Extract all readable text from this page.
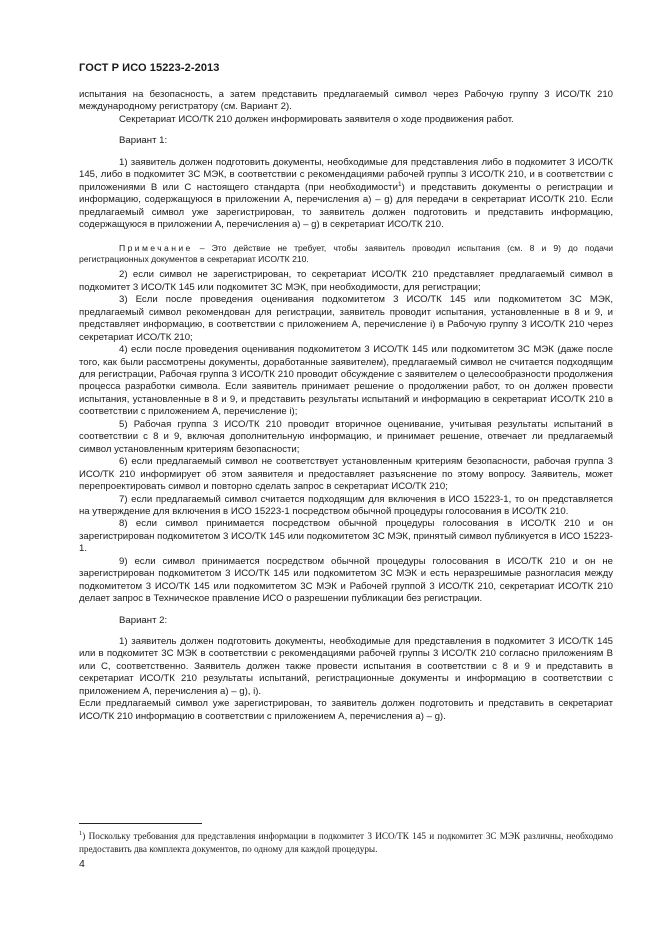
ГОСТ Р ИСО 15223-2-2013

испытания на безопасность, а затем представить предлагаемый символ через Рабочую группу 3 ИСО/ТК 210 международному регистратору (см. Вариант 2).

Секретариат ИСО/ТК 210 должен информировать заявителя о ходе продвижения работ.

Вариант 1:

1) заявитель должен подготовить документы, необходимые для представления либо в подкомитет 3 ИСО/ТК 145, либо в подкомитет 3С МЭК, в соответствии с рекомендациями рабочей группы 3 ИСО/ТК 210, и в соответствии с приложениями В или С настоящего стандарта (при необходимости$^1$) и представить документы о регистрации и информацию, содержащуюся в приложении А, перечисления a) – g) для передачи в секретариат ИСО/ТК 210. Если предлагаемый символ уже зарегистрирован, то заявитель должен подготовить и представить информацию, содержащуюся в приложении А, перечисления a) – g) в секретариат ИСО/ТК 210.

Примечание – Это действие не требует, чтобы заявитель проводил испытания (см. 8 и 9) до подачи регистрационных документов в секретариат ИСО/ТК 210.

2) если символ не зарегистрирован, то секретариат ИСО/ТК 210 представляет предлагаемый символ в подкомитет 3 ИСО/ТК 145 или подкомитет 3С МЭК, при необходимости, для регистрации;

3) Если после проведения оценивания подкомитетом 3 ИСО/ТК 145 или подкомитетом 3С МЭК, предлагаемый символ рекомендован для регистрации, заявитель проводит испытания, установленные в 8 и 9, и представляет информацию, в соответствии с приложением А, перечисление i) в Рабочую группу 3 ИСО/ТК 210 через секретариат ИСО/ТК 210;

4) если после проведения оценивания подкомитетом 3 ИСО/ТК 145 или подкомитетом 3С МЭК (даже после того, как были рассмотрены документы, доработанные заявителем), предлагаемый символ не считается подходящим для регистрации, Рабочая группа 3 ИСО/ТК 210 проводит обсуждение с заявителем о целесообразности продолжения процесса разработки символа. Если заявитель принимает решение о продолжении работ, то он должен провести испытания, установленные в 8 и 9, и представить результаты испытаний и информацию в секретариат ИСО/ТК 210 в соответствии с приложением А, перечисление i);

5) Рабочая группа 3 ИСО/ТК 210 проводит вторичное оценивание, учитывая результаты испытаний в соответствии с 8 и 9, включая дополнительную информацию, и принимает решение, отвечает ли предлагаемый символ установленным критериям безопасности;

6) если предлагаемый символ не соответствует установленным критериям безопасности, рабочая группа 3 ИСО/ТК 210 информирует об этом заявителя и предоставляет разъяснение по этому вопросу. Заявитель, может перепроектировать символ и повторно сделать запрос в секретариат ИСО/ТК 210;

7) если предлагаемый символ считается подходящим для включения в ИСО 15223-1, то он представляется на утверждение для включения в ИСО 15223-1 посредством обычной процедуры голосования в ИСО/ТК 210.

8) если символ принимается посредством обычной процедуры голосования в ИСО/ТК 210 и он зарегистрирован подкомитетом 3 ИСО/ТК 145 или подкомитетом 3С МЭК, принятый символ публикуется в ИСО 15223-1.

9) если символ принимается посредством обычной процедуры голосования в ИСО/ТК 210 и он не зарегистрирован подкомитетом 3 ИСО/ТК 145 или подкомитетом 3С МЭК и есть неразрешимые разногласия между подкомитетом 3 ИСО/ТК 145 или подкомитетом 3С МЭК и Рабочей группой 3 ИСО/ТК 210, секретариат ИСО/ТК 210 делает запрос в Техническое правление ИСО о разрешении публикации без регистрации.

Вариант 2:

1) заявитель должен подготовить документы, необходимые для представления в подкомитет 3 ИСО/ТК 145 или в подкомитет 3С МЭК в соответствии с рекомендациями рабочей группы 3 ИСО/ТК 210 согласно приложениям В или С, соответственно. Заявитель должен также провести испытания в соответствии с 8 и 9 и представить в секретариат ИСО/ТК 210 результаты испытаний, регистрационные документы и информацию в соответствии с приложением А, перечисления a) – g), i).

Если предлагаемый символ уже зарегистрирован, то заявитель должен подготовить и представить в секретариат ИСО/ТК 210 информацию в соответствии с приложением А, перечисления a) – g).

$^1$) Поскольку требования для представления информации в подкомитет 3 ИСО/ТК 145 и подкомитет 3С МЭК различны, необходимо предоставить два комплекта документов, по одному для каждой процедуры.

4
